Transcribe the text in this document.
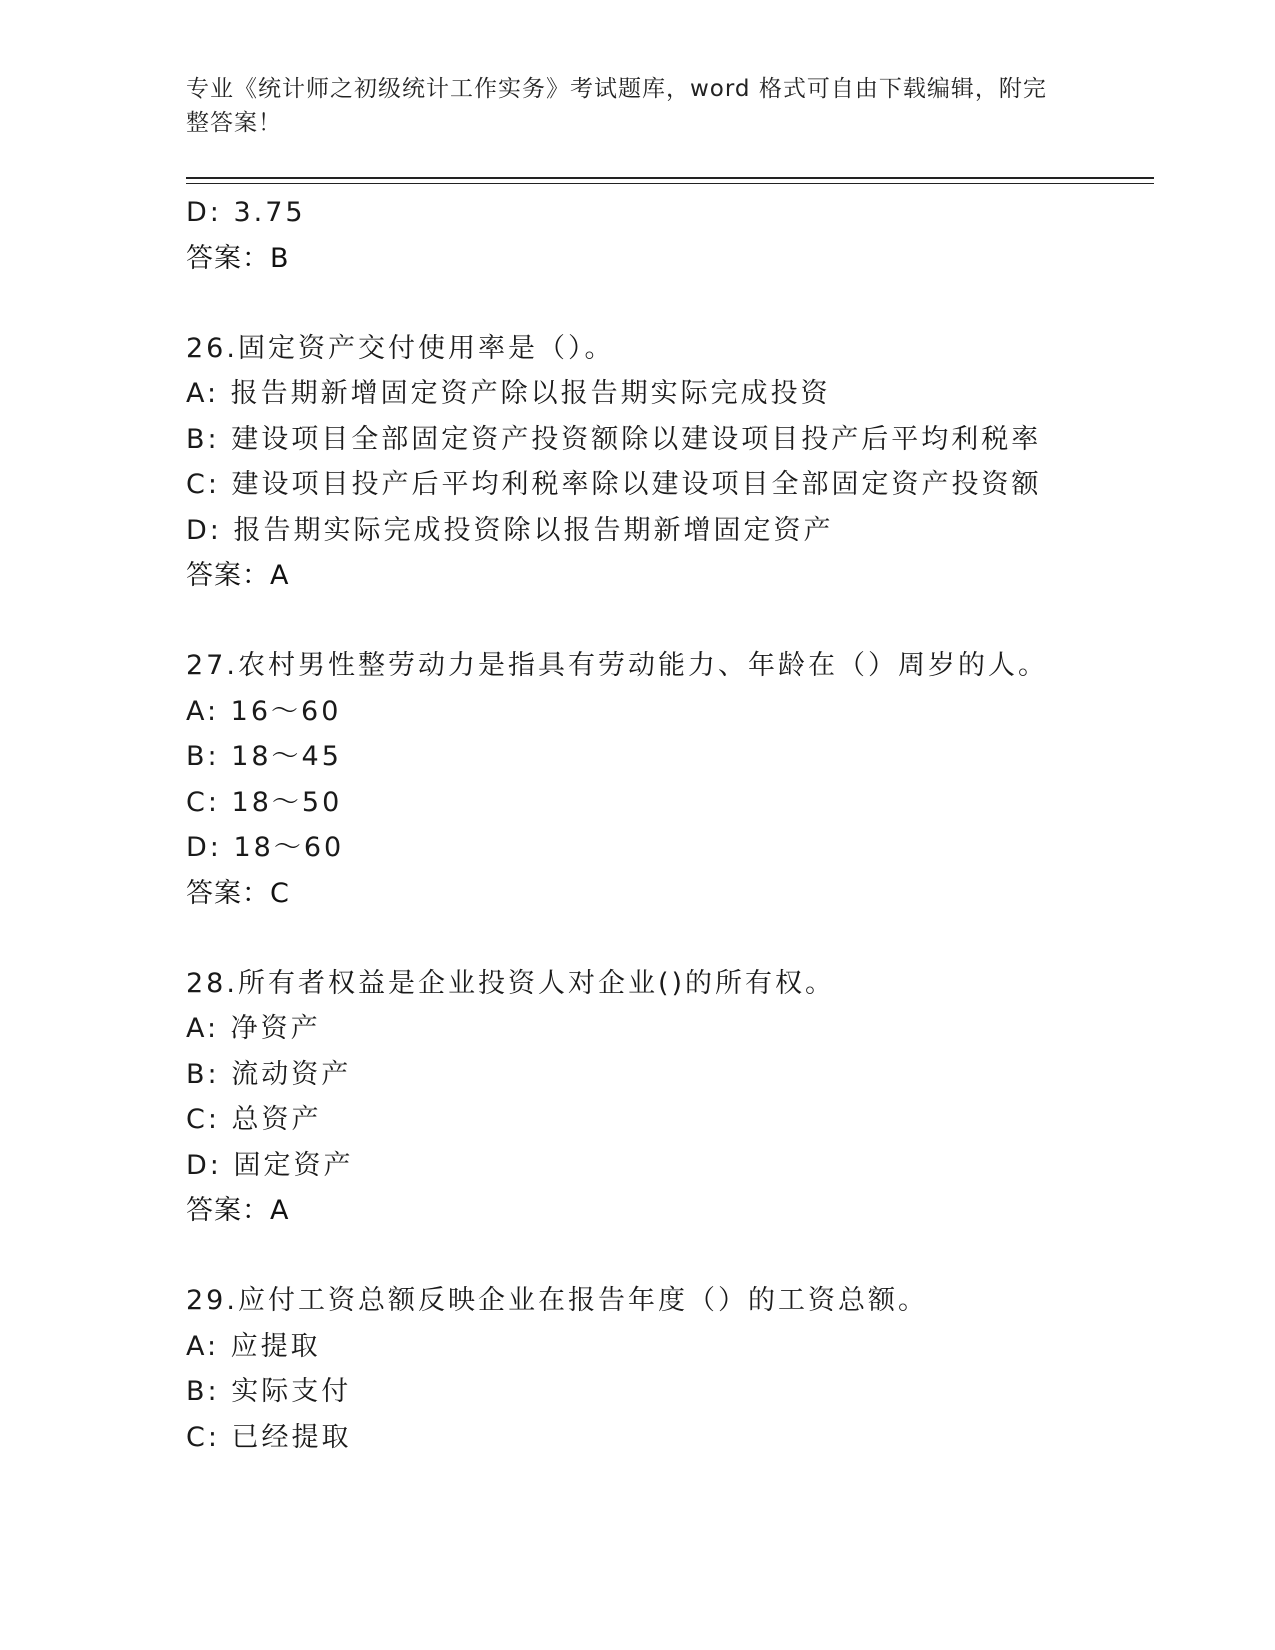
专业《统计师之初级统计工作实务》考试题库，word 格式可自由下载编辑，附完
整答案！
D: 3.75
答案：B
26.固定资产交付使用率是（）。
A: 报告期新增固定资产除以报告期实际完成投资
B: 建设项目全部固定资产投资额除以建设项目投产后平均利税率
C: 建设项目投产后平均利税率除以建设项目全部固定资产投资额
D: 报告期实际完成投资除以报告期新增固定资产
答案：A
27.农村男性整劳动力是指具有劳动能力、年龄在（）周岁的人。
A: 16～60
B: 18～45
C: 18～50
D: 18～60
答案：C
28.所有者权益是企业投资人对企业()的所有权。
A: 净资产
B: 流动资产
C: 总资产
D: 固定资产
答案：A
29.应付工资总额反映企业在报告年度（）的工资总额。
A: 应提取
B: 实际支付
C: 已经提取
